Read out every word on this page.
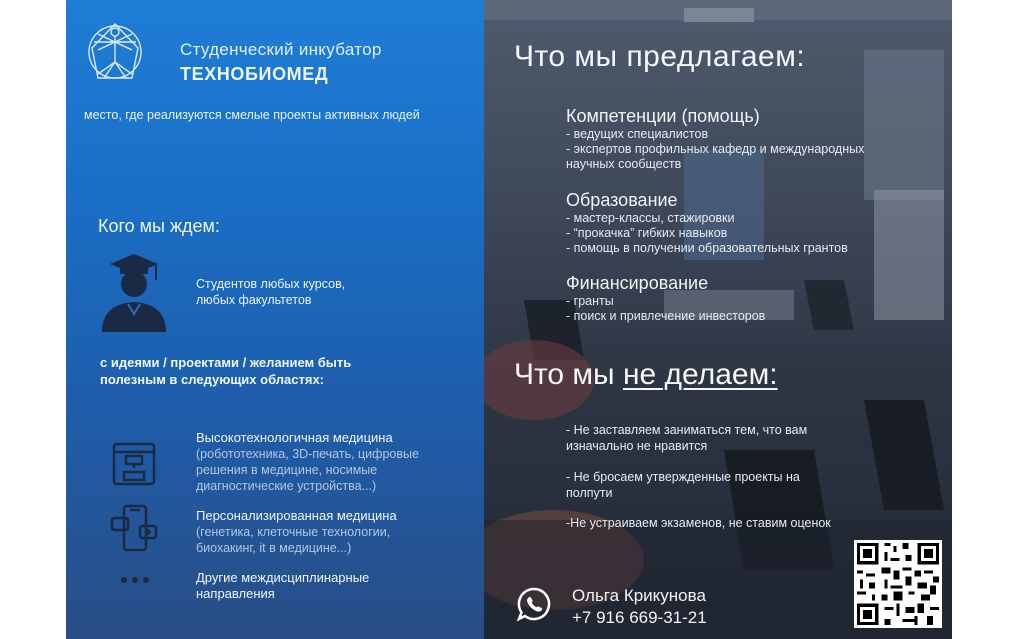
Студенческий инкубатор
ТЕХНОБИОМЕД
место, где реализуются смелые проекты активных людей
Кого мы ждем:
Студентов любых курсов,
любых факультетов
с идеями / проектами / желанием быть
полезным в следующих областях:
Высокотехнологичная медицина
(робототехника, 3D-печать, цифровые
решения в медицине, носимые
диагностические устройства...)
Персонализированная медицина
(генетика, клеточные технологии,
биохакинг, it в медицине...)
Другие междисциплинарные
направления
Что мы предлагаем:
Компетенции (помощь)
- ведущих специалистов
- экспертов профильных кафедр и международных
научных сообществ
Образование
- мастер-классы, стажировки
- “прокачка” гибких навыков
- помощь в получении образовательных грантов
Финансирование
- гранты
- поиск и привлечение инвесторов
Что мы не делаем:
- Не заставляем заниматься тем, что вам
изначально не нравится
- Не бросаем утвержденные проекты на
полпути
-Не устраиваем экзаменов, не ставим оценок
Ольга Крикунова
+7 916 669-31-21
